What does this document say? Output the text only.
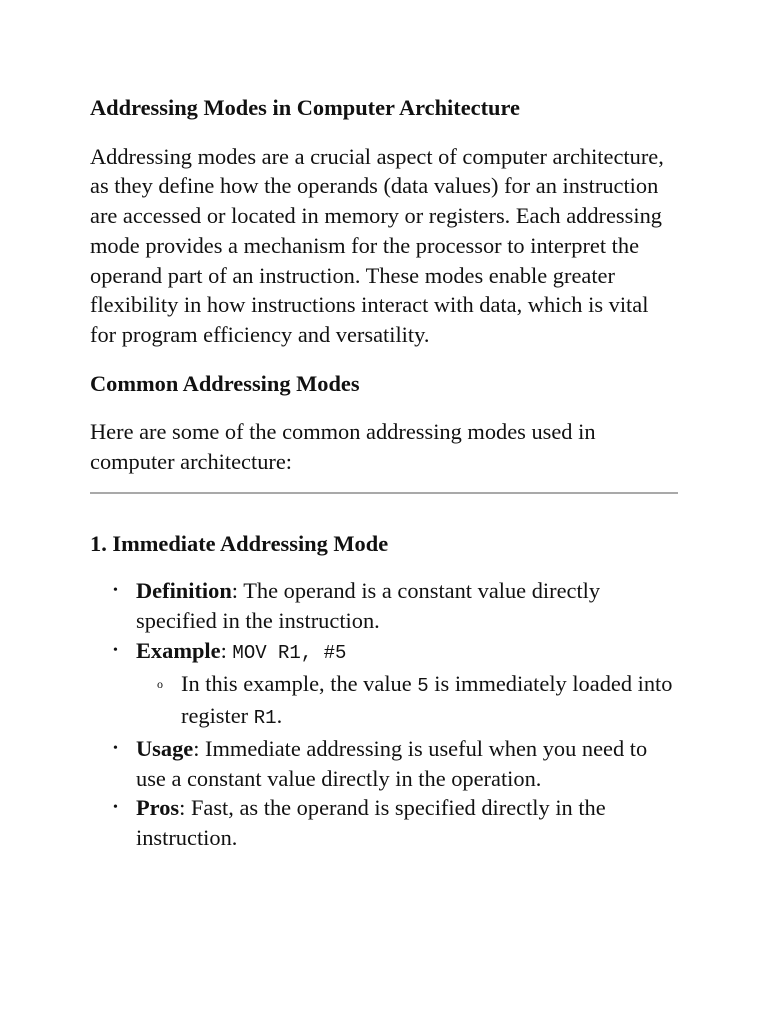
Addressing Modes in Computer Architecture

Addressing modes are a crucial aspect of computer architecture, as they define how the operands (data values) for an instruction are accessed or located in memory or registers. Each addressing mode provides a mechanism for the processor to interpret the operand part of an instruction. These modes enable greater flexibility in how instructions interact with data, which is vital for program efficiency and versatility.

Common Addressing Modes

Here are some of the common addressing modes used in computer architecture:

1. Immediate Addressing Mode
• Definition: The operand is a constant value directly specified in the instruction.
• Example: MOV R1, #5
o In this example, the value 5 is immediately loaded into register R1.
• Usage: Immediate addressing is useful when you need to use a constant value directly in the operation.
• Pros: Fast, as the operand is specified directly in the instruction.
